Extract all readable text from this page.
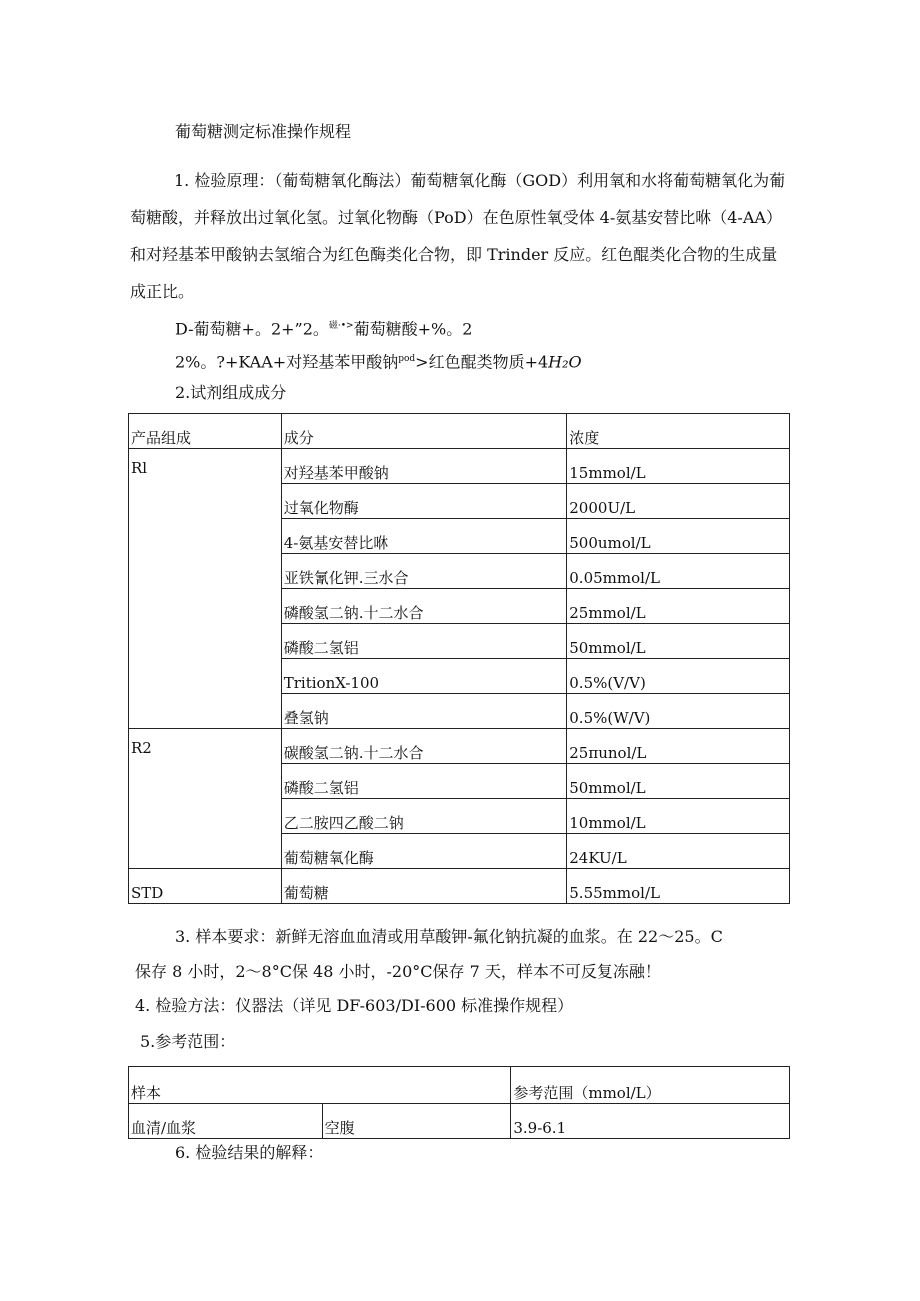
葡萄糖测定标准操作规程
1. 检验原理：（葡萄糖氧化酶法）葡萄糖氧化酶（GOD）利用氧和水将葡萄糖氧化为葡萄糖酸，并释放出过氧化氢。过氧化物酶（PoD）在色原性氧受体 4-氨基安替比咻（4-AA）和对羟基苯甲酸钠去氢缩合为红色酶类化合物，即 Trinder 反应。红色醌类化合物的生成量成正比。
D-葡萄糖+。2+”2。$^{磁\cdot•>}$葡萄糖酸+%。2
2%。?+KAA+对羟基苯甲酸钠$^{pod}$>红色醌类物质+4H₂O
2.试剂组成成分
产品组成	成分	浓度
Rl	对羟基苯甲酸钠	15mmol/L
	过氧化物酶	2000U/L
	4-氨基安替比咻	500umol/L
	亚铁氰化钾.三水合	0.05mmol/L
	磷酸氢二钠.十二水合	25mmol/L
	磷酸二氢铝	50mmol/L
	TritionX-100	0.5%(V/V)
	叠氢钠	0.5%(W/V)
R2	碳酸氢二钠.十二水合	25πunol/L
	磷酸二氢铝	50mmol/L
	乙二胺四乙酸二钠	10mmol/L
	葡萄糖氧化酶	24KU/L
STD	葡萄糖	5.55mmol/L
3. 样本要求：新鲜无溶血血清或用草酸钾-氟化钠抗凝的血浆。在 22～25。C
保存 8 小时，2～8°C保 48 小时，-20°C保存 7 天，样本不可反复冻融！
4. 检验方法：仪器法（详见 DF-603/DI-600 标准操作规程）
5.参考范围：
样本		参考范围（mmol/L）
血清/血浆	空腹	3.9-6.1
6. 检验结果的解释：
